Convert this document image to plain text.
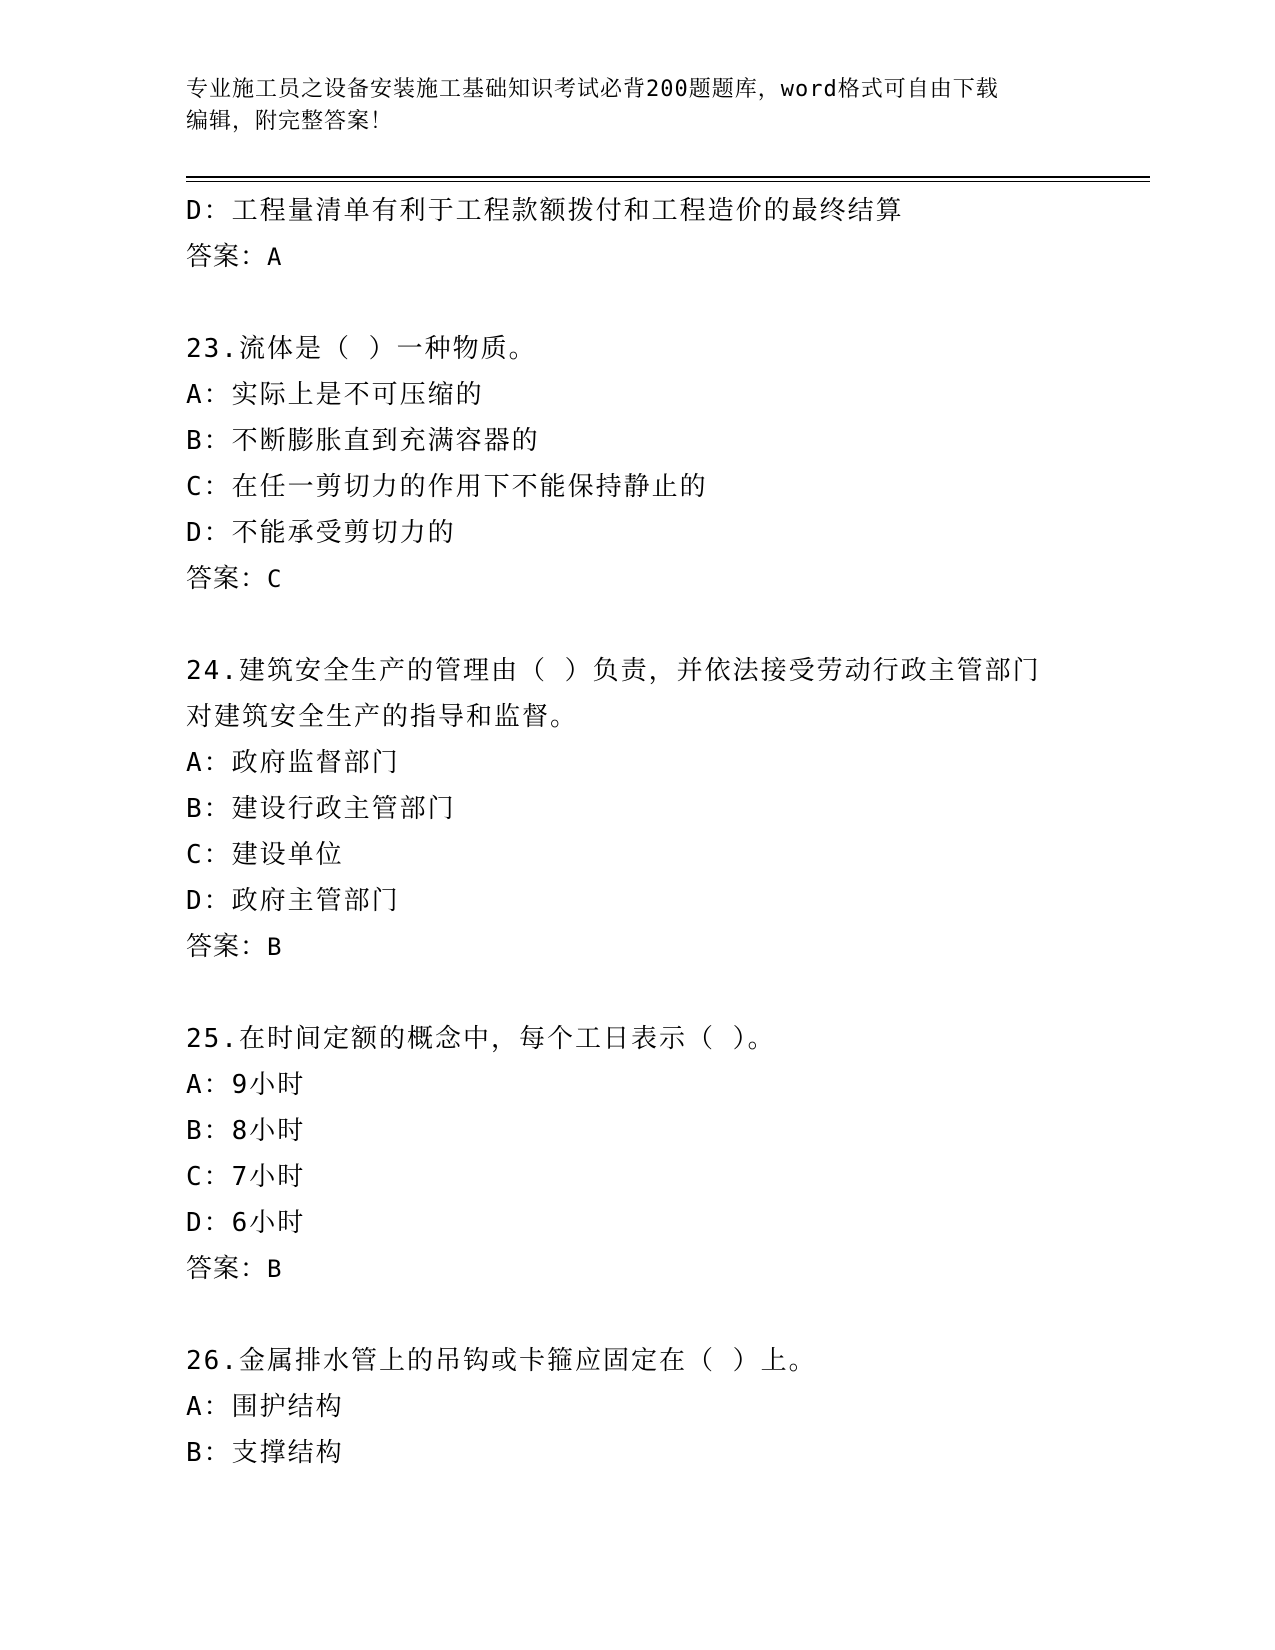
专业施工员之设备安装施工基础知识考试必背200题题库，word格式可自由下载
编辑，附完整答案！
D：工程量清单有利于工程款额拨付和工程造价的最终结算
答案：A
23.流体是（ ）一种物质。
A：实际上是不可压缩的
B：不断膨胀直到充满容器的
C：在任一剪切力的作用下不能保持静止的
D：不能承受剪切力的
答案：C
24.建筑安全生产的管理由（ ）负责，并依法接受劳动行政主管部门
对建筑安全生产的指导和监督。
A：政府监督部门
B：建设行政主管部门
C：建设单位
D：政府主管部门
答案：B
25.在时间定额的概念中，每个工日表示（ ）。
A：9小时
B：8小时
C：7小时
D：6小时
答案：B
26.金属排水管上的吊钩或卡箍应固定在（ ）上。
A：围护结构
B：支撑结构
